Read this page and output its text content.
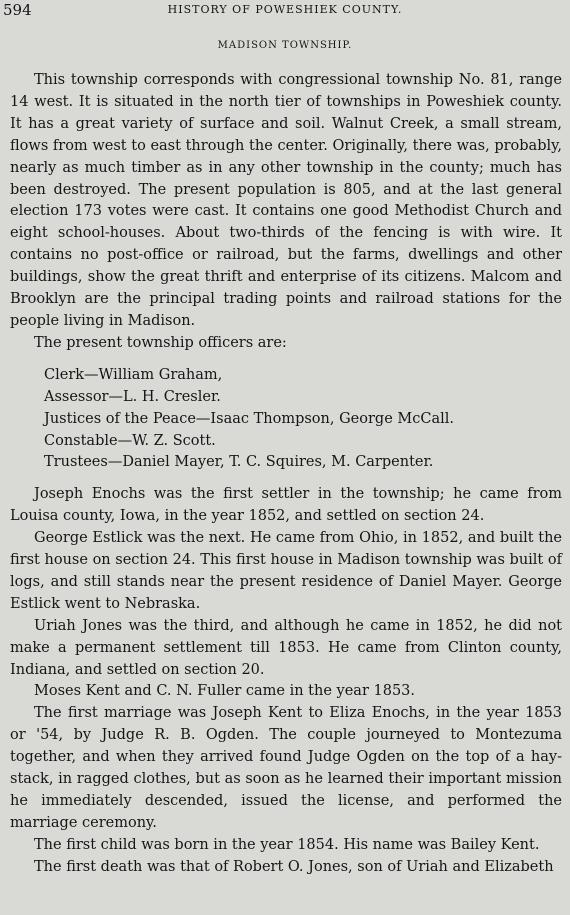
594	HISTORY OF POWESHIEK COUNTY.
MADISON TOWNSHIP.

This township corresponds with congressional township No. 81, range 14 west. It is situated in the north tier of townships in Poweshiek county. It has a great variety of surface and soil. Walnut Creek, a small stream, flows from west to east through the center. Originally, there was, probably, nearly as much timber as in any other township in the county; much has been destroyed. The present population is 805, and at the last general election 173 votes were cast. It contains one good Methodist Church and eight school-houses. About two-thirds of the fencing is with wire. It contains no post-office or railroad, but the farms, dwellings and other buildings, show the great thrift and enterprise of its citizens. Malcom and Brooklyn are the principal trading points and railroad stations for the people living in Madison.

The present township officers are:

Clerk—William Graham,
Assessor—L. H. Cresler.
Justices of the Peace—Isaac Thompson, George McCall.
Constable—W. Z. Scott.
Trustees—Daniel Mayer, T. C. Squires, M. Carpenter.

Joseph Enochs was the first settler in the township; he came from Louisa county, Iowa, in the year 1852, and settled on section 24.

George Estlick was the next. He came from Ohio, in 1852, and built the first house on section 24. This first house in Madison township was built of logs, and still stands near the present residence of Daniel Mayer. George Estlick went to Nebraska.

Uriah Jones was the third, and although he came in 1852, he did not make a permanent settlement till 1853. He came from Clinton county, Indiana, and settled on section 20.

Moses Kent and C. N. Fuller came in the year 1853.

The first marriage was Joseph Kent to Eliza Enochs, in the year 1853 or '54, by Judge R. B. Ogden. The couple journeyed to Montezuma together, and when they arrived found Judge Ogden on the top of a hay-stack, in ragged clothes, but as soon as he learned their important mission he immediately descended, issued the license, and performed the marriage ceremony.

The first child was born in the year 1854. His name was Bailey Kent.

The first death was that of Robert O. Jones, son of Uriah and Elizabeth
